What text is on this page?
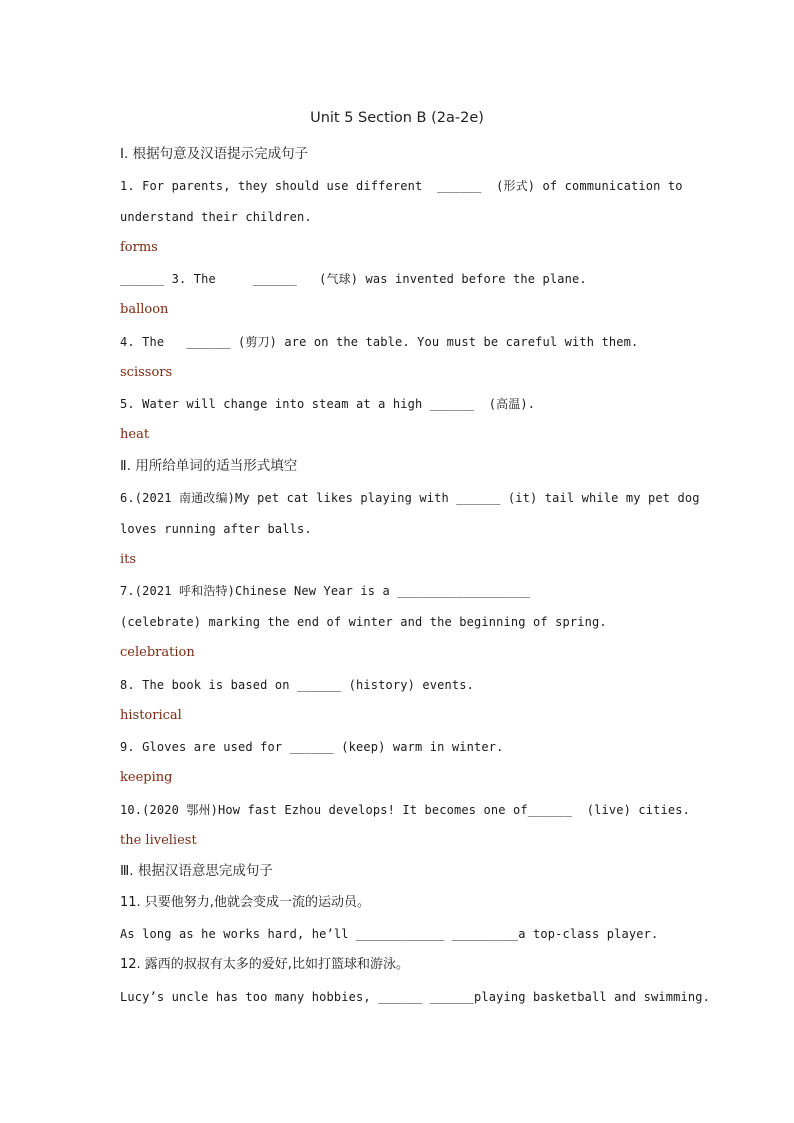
Unit 5 Section B (2a-2e)
Ⅰ. 根据句意及汉语提示完成句子
1. For parents, they should use different  ______  (形式) of communication to
understand their children.
forms
______ 3. The     ______   (气球) was invented before the plane.
balloon
4. The   ______ (剪刀) are on the table. You must be careful with them.
scissors
5. Water will change into steam at a high ______  (高温).
heat
Ⅱ. 用所给单词的适当形式填空
6.(2021 南通改编)My pet cat likes playing with ______ (it) tail while my pet dog
loves running after balls.
its
7.(2021 呼和浩特)Chinese New Year is a __________________
(celebrate) marking the end of winter and the beginning of spring.
celebration
8. The book is based on ______ (history) events.
historical
9. Gloves are used for ______ (keep) warm in winter.
keeping
10.(2020 鄂州)How fast Ezhou develops! It becomes one of______  (live) cities.
the liveliest
Ⅲ. 根据汉语意思完成句子
11. 只要他努力,他就会变成一流的运动员。
As long as he works hard, he’ll ____________ _________a top-class player.
12. 露西的叔叔有太多的爱好,比如打篮球和游泳。
Lucy’s uncle has too many hobbies, ______ ______playing basketball and swimming.
